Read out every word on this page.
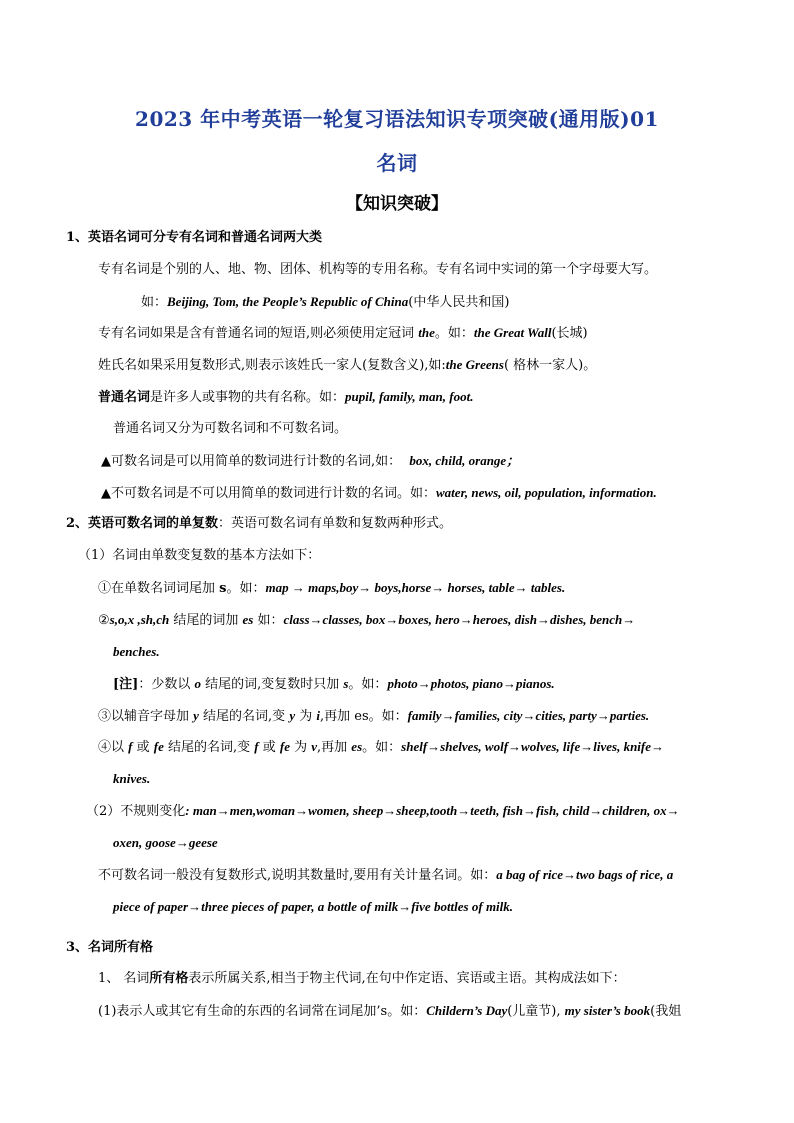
2023 年中考英语一轮复习语法知识专项突破(通用版)01
名词
【知识突破】
1、英语名词可分专有名词和普通名词两大类
专有名词是个别的人、地、物、团体、机构等的专用名称。专有名词中实词的第一个字母要大写。
如：Beijing, Tom, the People’s Republic of China(中华人民共和国)
专有名词如果是含有普通名词的短语,则必须使用定冠词 the。如：the Great Wall(长城)
姓氏名如果采用复数形式,则表示该姓氏一家人(复数含义),如:the Greens( 格林一家人)。
普通名词是许多人或事物的共有名称。如：pupil, family, man, foot.
普通名词又分为可数名词和不可数名词。
▲可数名词是可以用简单的数词进行计数的名词,如： box, child, orange；
▲不可数名词是不可以用简单的数词进行计数的名词。如：water, news, oil, population, information.
2、英语可数名词的单复数：英语可数名词有单数和复数两种形式。
（1）名词由单数变复数的基本方法如下：
①在单数名词词尾加 s。如：map → maps,boy→ boys,horse→ horses, table→ tables.
②s,o,x ,sh,ch 结尾的词加 es 如：class→classes, box→boxes, hero→heroes, dish→dishes, bench→
benches.
[注]：少数以 o 结尾的词,变复数时只加 s。如：photo→photos, piano→pianos.
③以辅音字母加 y 结尾的名词,变 y 为 i,再加 es。如：family→families, city→cities, party→parties.
④以 f 或 fe 结尾的名词,变 f 或 fe 为 v,再加 es。如：shelf→shelves, wolf→wolves, life→lives, knife→
knives.
（2）不规则变化: man→men,woman→women, sheep→sheep,tooth→teeth, fish→fish, child→children, ox→
oxen, goose→geese
不可数名词一般没有复数形式,说明其数量时,要用有关计量名词。如：a bag of rice→two bags of rice, a
piece of paper→three pieces of paper, a bottle of milk→five bottles of milk.
3、名词所有格
1、 名词所有格表示所属关系,相当于物主代词,在句中作定语、宾语或主语。其构成法如下：
(1)表示人或其它有生命的东西的名词常在词尾加’s。如：Childern’s Day(儿童节), my sister’s book(我姐
